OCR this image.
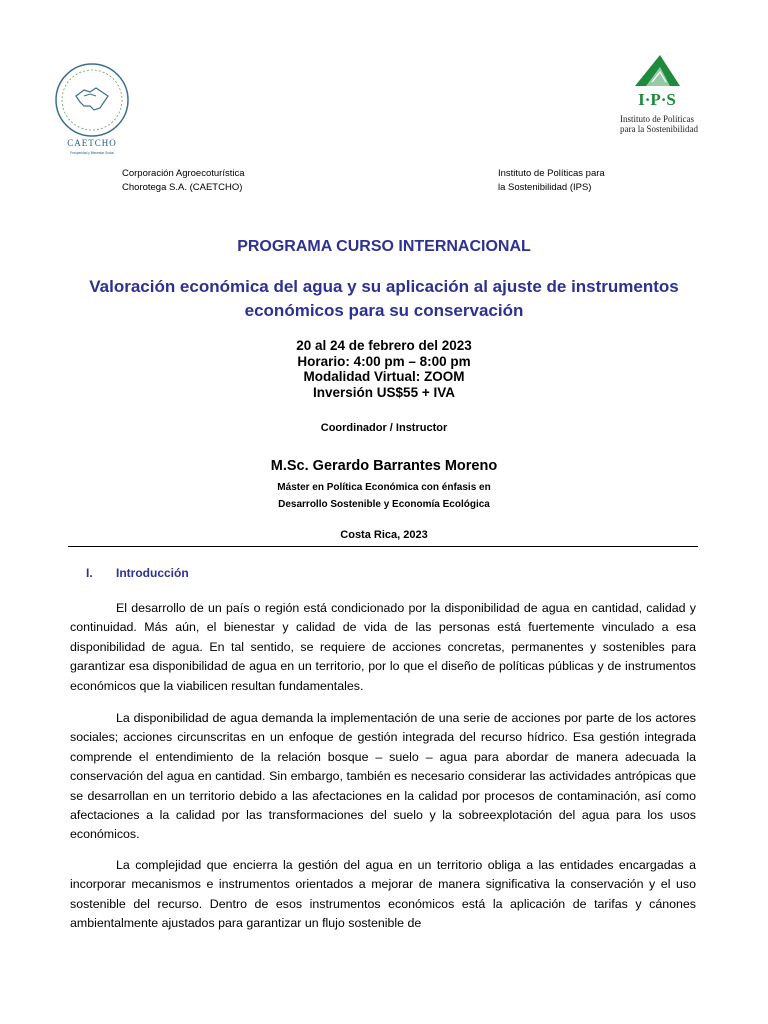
CAETCHO
Prosperidad y Bienestar Social
I·P·S
Instituto de Políticas
para la Sostenibilidad
Corporación Agroecoturística
Chorotega S.A. (CAETCHO)
Instituto de Políticas para
la Sostenibilidad (IPS)
PROGRAMA CURSO INTERNACIONAL
Valoración económica del agua y su aplicación al ajuste de instrumentos
económicos para su conservación
20 al 24 de febrero del 2023
Horario: 4:00 pm – 8:00 pm
Modalidad Virtual: ZOOM
Inversión US$55 + IVA
Coordinador / Instructor
M.Sc. Gerardo Barrantes Moreno
Máster en Política Económica con énfasis en
Desarrollo Sostenible y Economía Ecológica
Costa Rica, 2023
I. Introducción
El desarrollo de un país o región está condicionado por la disponibilidad de agua en cantidad, calidad y continuidad. Más aún, el bienestar y calidad de vida de las personas está fuertemente vinculado a esa disponibilidad de agua. En tal sentido, se requiere de acciones concretas, permanentes y sostenibles para garantizar esa disponibilidad de agua en un territorio, por lo que el diseño de políticas públicas y de instrumentos económicos que la viabilicen resultan fundamentales.
La disponibilidad de agua demanda la implementación de una serie de acciones por parte de los actores sociales; acciones circunscritas en un enfoque de gestión integrada del recurso hídrico. Esa gestión integrada comprende el entendimiento de la relación bosque – suelo – agua para abordar de manera adecuada la conservación del agua en cantidad. Sin embargo, también es necesario considerar las actividades antrópicas que se desarrollan en un territorio debido a las afectaciones en la calidad por procesos de contaminación, así como afectaciones a la calidad por las transformaciones del suelo y la sobreexplotación del agua para los usos económicos.
La complejidad que encierra la gestión del agua en un territorio obliga a las entidades encargadas a incorporar mecanismos e instrumentos orientados a mejorar de manera significativa la conservación y el uso sostenible del recurso. Dentro de esos instrumentos económicos está la aplicación de tarifas y cánones ambientalmente ajustados para garantizar un flujo sostenible de
